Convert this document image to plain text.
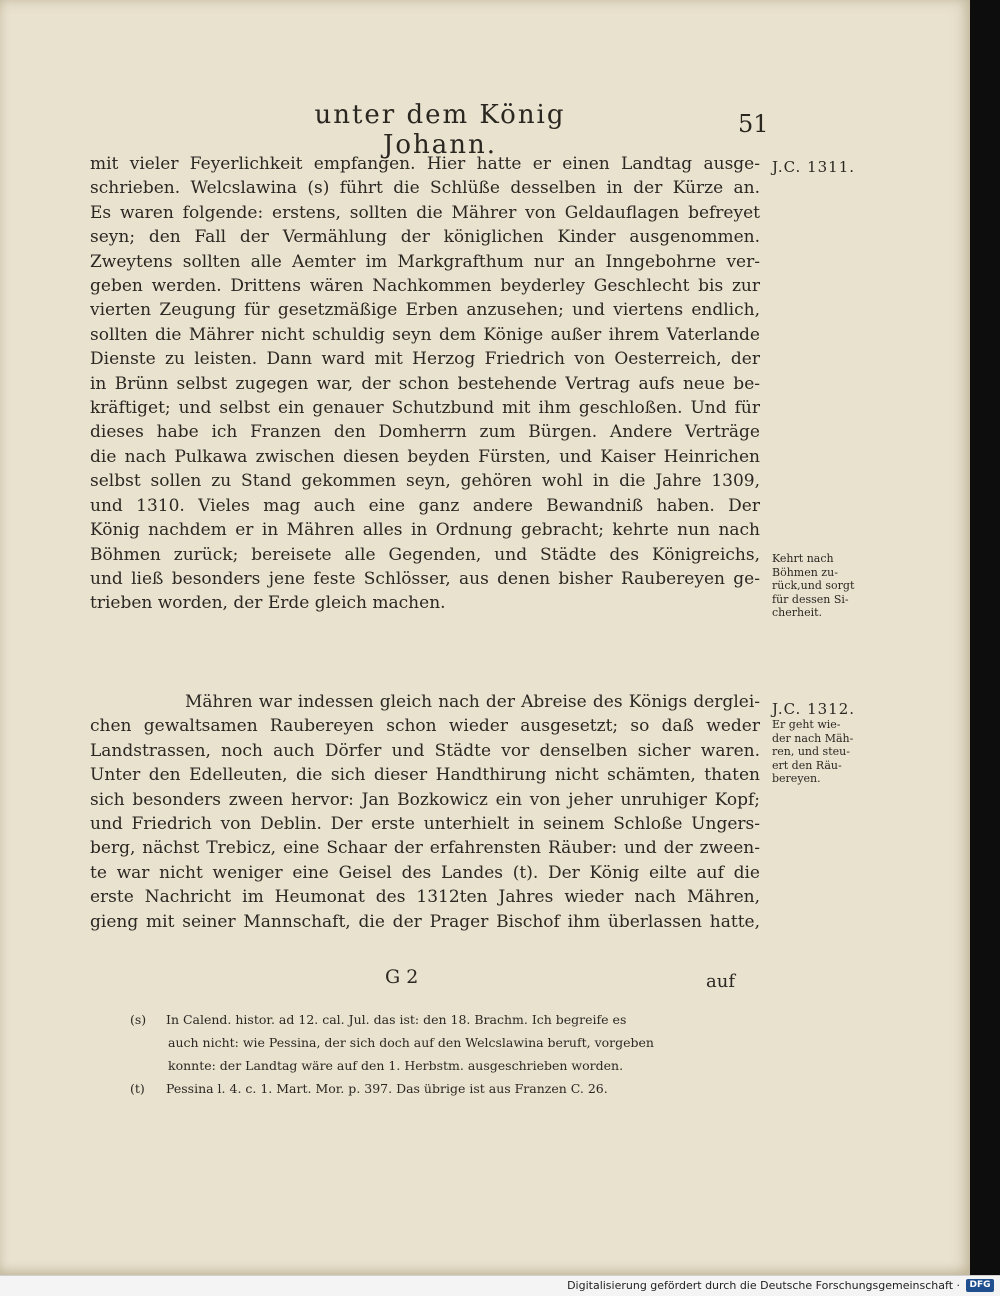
unter dem König Johann.
51
mit vieler Feyerlichkeit empfangen. Hier hatte er einen Landtag ausge-
schrieben. Welcslawina (s) führt die Schlüße desselben in der Kürze an.
Es waren folgende: erstens, sollten die Mährer von Geldauflagen befreyet
seyn; den Fall der Vermählung der königlichen Kinder ausgenommen.
Zweytens sollten alle Aemter im Markgrafthum nur an Inngebohrne ver-
geben werden. Drittens wären Nachkommen beyderley Geschlecht bis zur
vierten Zeugung für gesetzmäßige Erben anzusehen; und viertens endlich,
sollten die Mährer nicht schuldig seyn dem Könige außer ihrem Vaterlande
Dienste zu leisten. Dann ward mit Herzog Friedrich von Oesterreich, der
in Brünn selbst zugegen war, der schon bestehende Vertrag aufs neue be-
kräftiget; und selbst ein genauer Schutzbund mit ihm geschloßen. Und für
dieses habe ich Franzen den Domherrn zum Bürgen. Andere Verträge
die nach Pulkawa zwischen diesen beyden Fürsten, und Kaiser Heinrichen
selbst sollen zu Stand gekommen seyn, gehören wohl in die Jahre 1309,
und 1310. Vieles mag auch eine ganz andere Bewandniß haben. Der
König nachdem er in Mähren alles in Ordnung gebracht; kehrte nun nach
Böhmen zurück; bereisete alle Gegenden, und Städte des Königreichs,
und ließ besonders jene feste Schlösser, aus denen bisher Raubereyen ge-
trieben worden, der Erde gleich machen.
Mähren war indessen gleich nach der Abreise des Königs derglei-
chen gewaltsamen Raubereyen schon wieder ausgesetzt; so daß weder
Landstrassen, noch auch Dörfer und Städte vor denselben sicher waren.
Unter den Edelleuten, die sich dieser Handthirung nicht schämten, thaten
sich besonders zween hervor: Jan Bozkowicz ein von jeher unruhiger Kopf;
und Friedrich von Deblin. Der erste unterhielt in seinem Schloße Ungers-
berg, nächst Trebicz, eine Schaar der erfahrensten Räuber: und der zween-
te war nicht weniger eine Geisel des Landes (t). Der König eilte auf die
erste Nachricht im Heumonat des 1312ten Jahres wieder nach Mähren,
gieng mit seiner Mannschaft, die der Prager Bischof ihm überlassen hatte,
J.C. 1311.
Kehrt nach
Böhmen zu-
rück,und sorgt
für dessen Si-
cherheit.
J.C. 1312.
Er geht wie-
der nach Mäh-
ren, und steu-
ert den Räu-
bereyen.
G 2	auf
(s) In Calend. histor. ad 12. cal. Jul. das ist: den 18. Brachm. Ich begreife es
auch nicht: wie Pessina, der sich doch auf den Welcslawina beruft, vorgeben
konnte: der Landtag wäre auf den 1. Herbstm. ausgeschrieben worden.
(t) Pessina l. 4. c. 1. Mart. Mor. p. 397. Das übrige ist aus Franzen C. 26.
Digitalisierung gefördert durch die Deutsche Forschungsgemeinschaft ·	DFG
